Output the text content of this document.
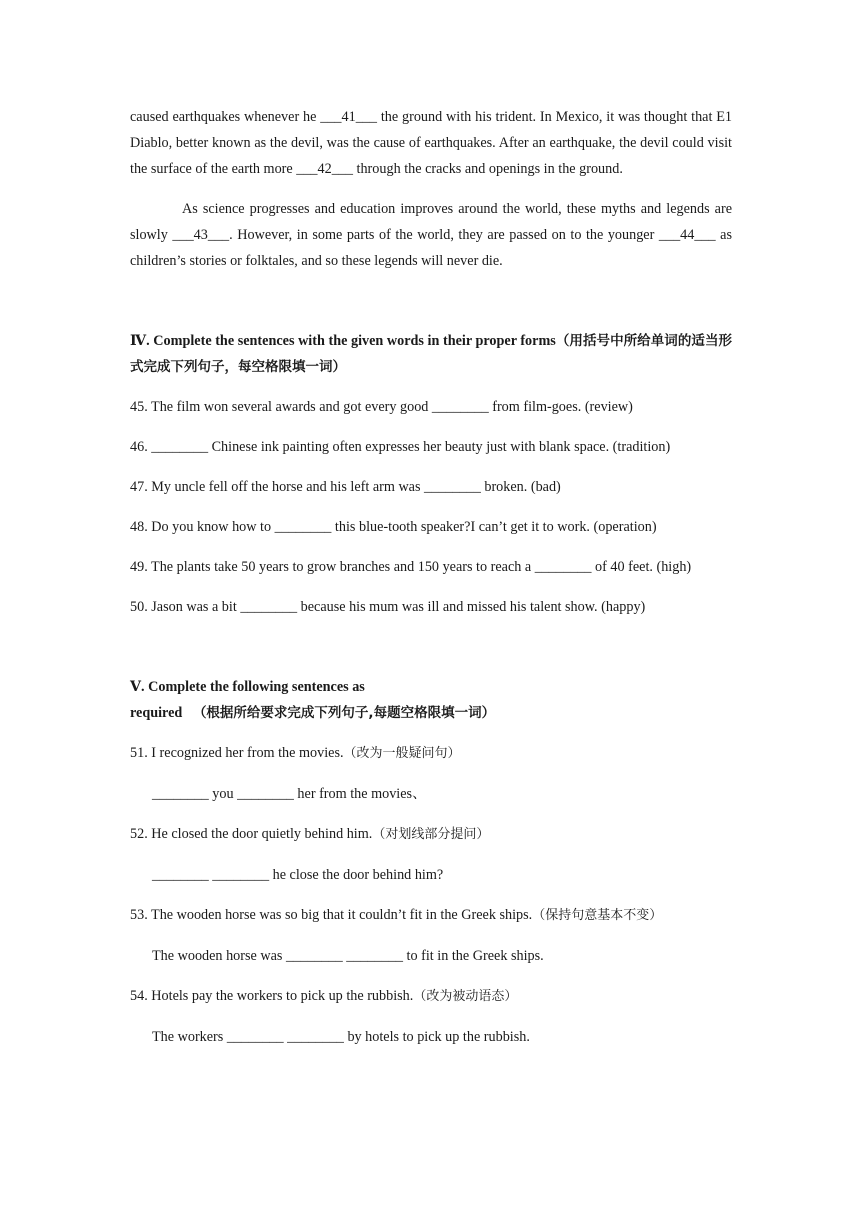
caused earthquakes whenever he ___41___ the ground with his trident. In Mexico, it was thought that E1 Diablo, better known as the devil, was the cause of earthquakes. After an earthquake, the devil could visit the surface of the earth more ___42___ through the cracks and openings in the ground.

As science progresses and education improves around the world, these myths and legends are slowly ___43___. However, in some parts of the world, they are passed on to the younger ___44___ as children’s stories or folktales, and so these legends will never die.

Ⅳ. Complete the sentences with the given words in their proper forms（用括号中所给单词的适当形式完成下列句子，每空格限填一词）

45. The film won several awards and got every good ________ from film-goes. (review)

46. ________ Chinese ink painting often expresses her beauty just with blank space. (tradition)

47. My uncle fell off the horse and his left arm was ________ broken. (bad)

48. Do you know how to ________ this blue-tooth speaker?I can’t get it to work. (operation)

49. The plants take 50 years to grow branches and 150 years to reach a ________ of 40 feet. (high)

50. Jason was a bit ________ because his mum was ill and missed his talent show. (happy)

Ⅴ. Complete the following sentences as required （根据所给要求完成下列句子,每题空格限填一词）

51. I recognized her from the movies.（改为一般疑问句）

________ you ________ her from the movies、

52. He closed the door quietly behind him.（对划线部分提问）

________ ________ he close the door behind him?

53. The wooden horse was so big that it couldn’t fit in the Greek ships.（保持句意基本不变）

The wooden horse was ________ ________ to fit in the Greek ships.

54. Hotels pay the workers to pick up the rubbish.（改为被动语态）

The workers ________ ________ by hotels to pick up the rubbish.
